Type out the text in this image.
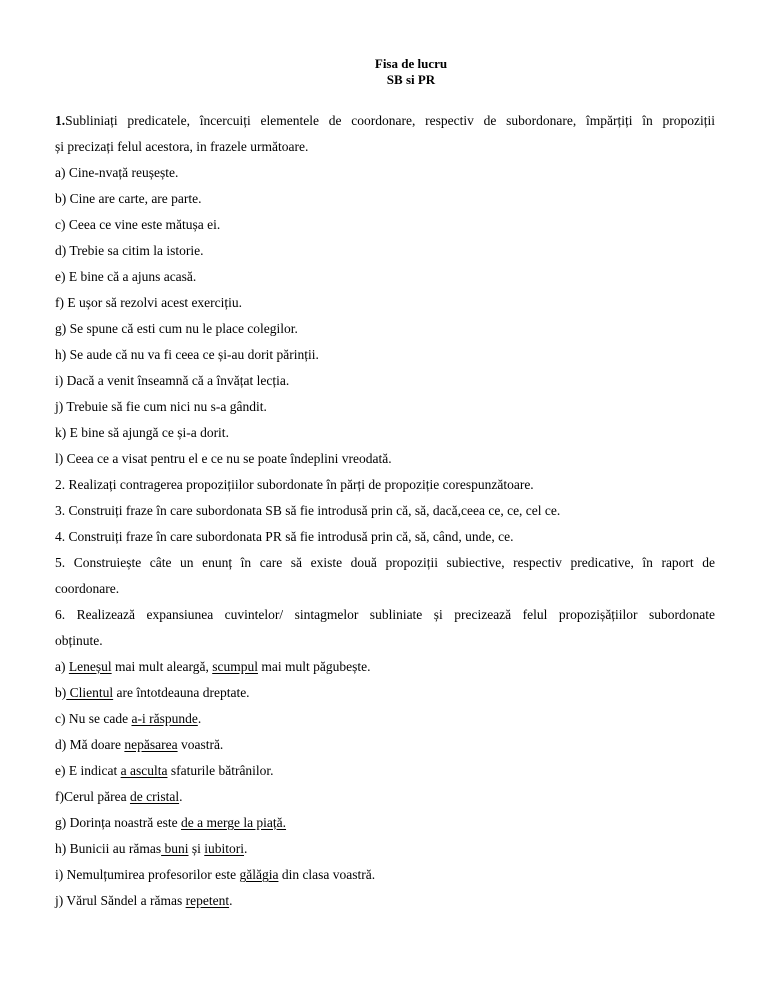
Fisa de lucru
SB si PR
1.Subliniați predicatele, încercuiți elementele de coordonare, respectiv de subordonare, împărțiți în propoziții
și precizați felul acestora, in frazele următoare.
a) Cine-nvață reușește.
b) Cine are carte, are parte.
c) Ceea ce vine este mătușa ei.
d) Trebie sa citim la istorie.
e) E bine că a ajuns acasă.
f) E ușor să rezolvi acest exercițiu.
g) Se spune că esti cum nu le place colegilor.
h) Se aude că nu va fi ceea ce și-au dorit părinții.
i) Dacă a venit înseamnă că a învățat lecția.
j) Trebuie să fie cum nici nu s-a gândit.
k) E bine să ajungă ce și-a dorit.
l) Ceea ce a visat pentru el e ce nu se poate îndeplini vreodată.
2. Realizați contragerea propozițiilor subordonate în părți de propoziție corespunzătoare.
3. Construiți fraze în care subordonata SB să fie introdusă prin că, să, dacă,ceea ce, ce, cel ce.
4. Construiți fraze în care subordonata PR să fie introdusă prin că, să, când, unde, ce.
5. Construiește câte un enunț în care să existe două propoziții subiective, respectiv predicative, în raport de
coordonare.
6. Realizează expansiunea cuvintelor/ sintagmelor subliniate și precizează felul propozișățiilor subordonate
obținute.
a) Leneșul mai mult aleargă, scumpul mai mult păgubește.
b) Clientul are întotdeauna dreptate.
c) Nu se cade a-i răspunde.
d) Mă doare nepăsarea voastră.
e) E indicat a asculta sfaturile bătrânilor.
f)Cerul părea de cristal.
g) Dorința noastră este de a merge la piață.
h) Bunicii au rămas buni și iubitori.
i) Nemulțumirea profesorilor este gălăgia din clasa voastră.
j) Vărul Săndel a rămas repetent.
